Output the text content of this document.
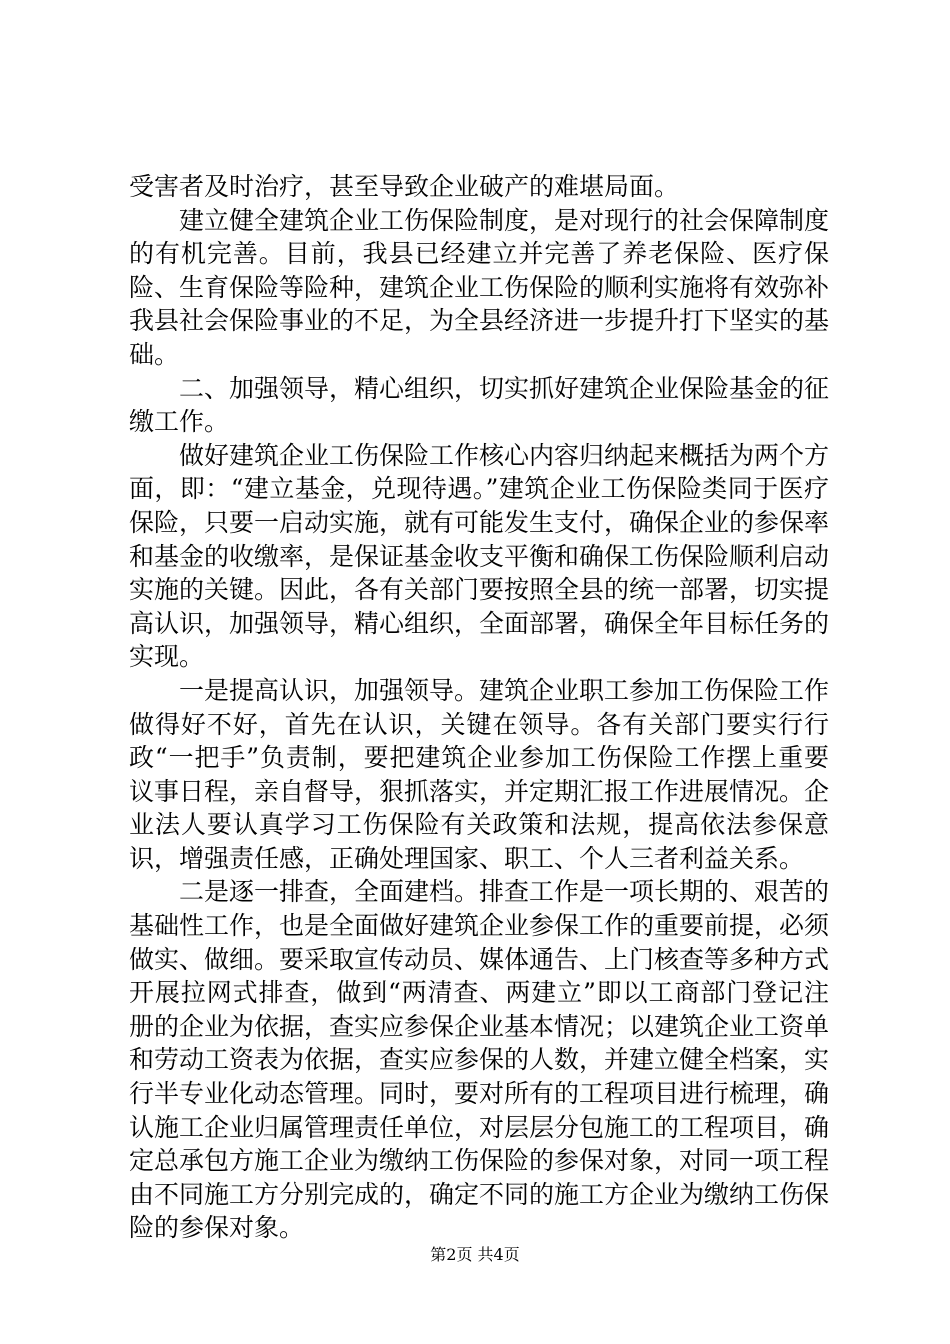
受害者及时治疗，甚至导致企业破产的难堪局面。

建立健全建筑企业工伤保险制度，是对现行的社会保障制度的有机完善。目前，我县已经建立并完善了养老保险、医疗保险、生育保险等险种，建筑企业工伤保险的顺利实施将有效弥补我县社会保险事业的不足，为全县经济进一步提升打下坚实的基础。

二、加强领导，精心组织，切实抓好建筑企业保险基金的征缴工作。

做好建筑企业工伤保险工作核心内容归纳起来概括为两个方面，即：“建立基金，兑现待遇。”建筑企业工伤保险类同于医疗保险，只要一启动实施，就有可能发生支付，确保企业的参保率和基金的收缴率，是保证基金收支平衡和确保工伤保险顺利启动实施的关键。因此，各有关部门要按照全县的统一部署，切实提高认识，加强领导，精心组织，全面部署，确保全年目标任务的实现。

一是提高认识，加强领导。建筑企业职工参加工伤保险工作做得好不好，首先在认识，关键在领导。各有关部门要实行行政“一把手”负责制，要把建筑企业参加工伤保险工作摆上重要议事日程，亲自督导，狠抓落实，并定期汇报工作进展情况。企业法人要认真学习工伤保险有关政策和法规，提高依法参保意识，增强责任感，正确处理国家、职工、个人三者利益关系。

二是逐一排查，全面建档。排查工作是一项长期的、艰苦的基础性工作，也是全面做好建筑企业参保工作的重要前提，必须做实、做细。要采取宣传动员、媒体通告、上门核查等多种方式开展拉网式排查，做到“两清查、两建立”即以工商部门登记注册的企业为依据，查实应参保企业基本情况；以建筑企业工资单和劳动工资表为依据，查实应参保的人数，并建立健全档案，实行半专业化动态管理。同时，要对所有的工程项目进行梳理，确认施工企业归属管理责任单位，对层层分包施工的工程项目，确定总承包方施工企业为缴纳工伤保险的参保对象，对同一项工程由不同施工方分别完成的，确定不同的施工方企业为缴纳工伤保险的参保对象。

第2页 共4页
